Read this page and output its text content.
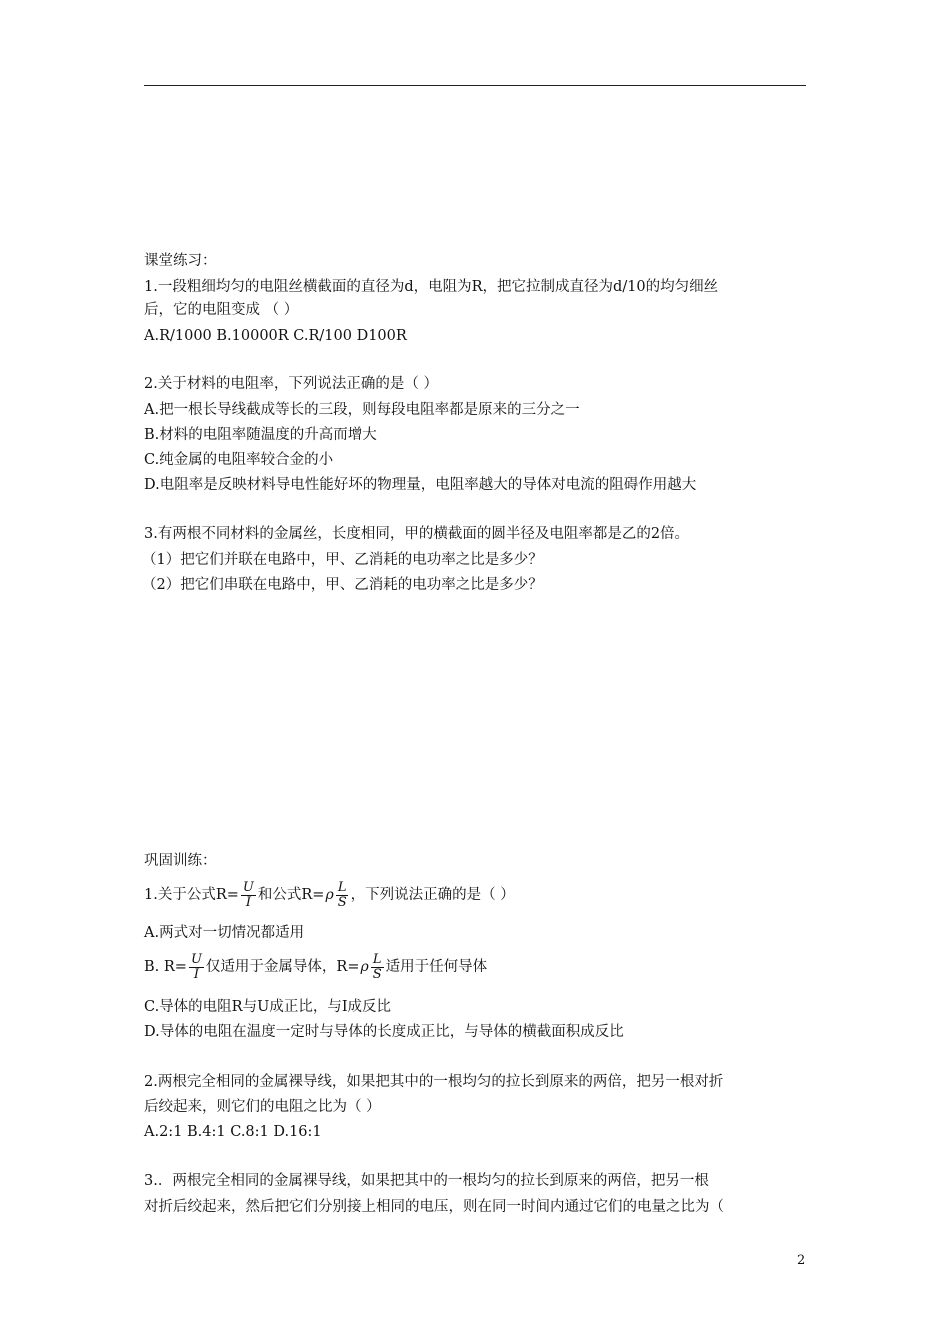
课堂练习：
1.一段粗细均匀的电阻丝横截面的直径为d，电阻为R，把它拉制成直径为d/10的均匀细丝
后，它的电阻变成 （ ）
A.R/1000 B.10000R C.R/100 D100R
2.关于材料的电阻率，下列说法正确的是（ ）
A.把一根长导线截成等长的三段，则每段电阻率都是原来的三分之一
B.材料的电阻率随温度的升高而增大
C.纯金属的电阻率较合金的小
D.电阻率是反映材料导电性能好坏的物理量，电阻率越大的导体对电流的阻碍作用越大
3.有两根不同材料的金属丝，长度相同，甲的横截面的圆半径及电阻率都是乙的2倍。
（1）把它们并联在电路中，甲、乙消耗的电功率之比是多少？
（2）把它们串联在电路中，甲、乙消耗的电功率之比是多少？
巩固训练：
1.关于公式$R= \frac{U}{I}$ 和公式$R=\rho \frac{L}{S}$ ，下列说法正确的是（ ）
A.两式对一切情况都适用
B. $R= \frac{U}{I}$ 仅适用于金属导体，$R=\rho \frac{L}{S}$ 适用于任何导体
C.导体的电阻R与U成正比，与I成反比
D.导体的电阻在温度一定时与导体的长度成正比，与导体的横截面积成反比
2.两根完全相同的金属裸导线，如果把其中的一根均匀的拉长到原来的两倍，把另一根对折
后绞起来，则它们的电阻之比为（ ）
A.2:1 B.4:1 C.8:1 D.16:1
3.．两根完全相同的金属裸导线，如果把其中的一根均匀的拉长到原来的两倍，把另一根
对折后绞起来，然后把它们分别接上相同的电压，则在同一时间内通过它们的电量之比为（
2
